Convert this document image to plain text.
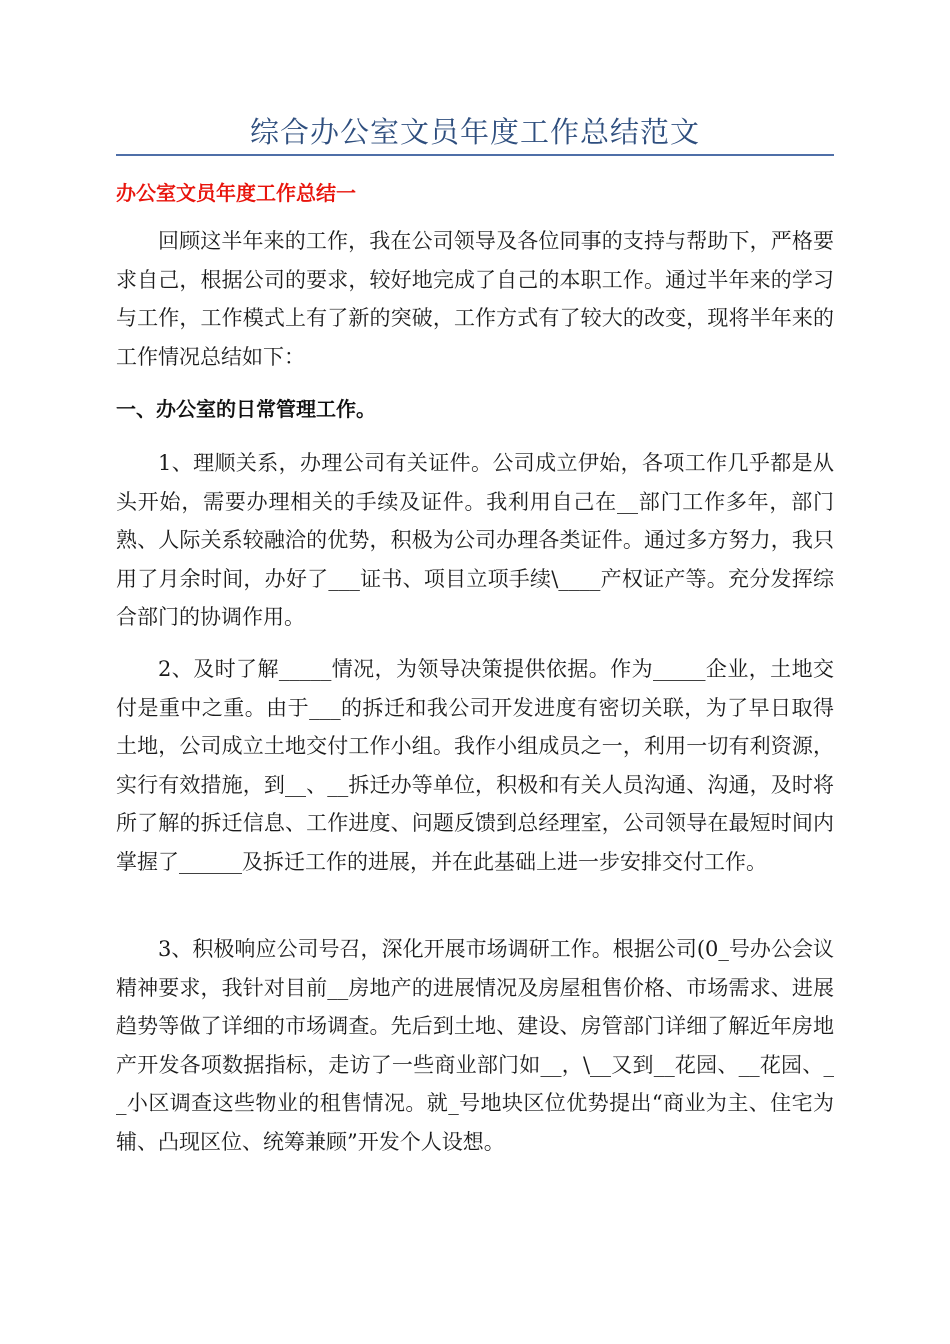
综合办公室文员年度工作总结范文
办公室文员年度工作总结一

回顾这半年来的工作，我在公司领导及各位同事的支持与帮助下，严格要求自己，根据公司的要求，较好地完成了自己的本职工作。通过半年来的学习与工作，工作模式上有了新的突破，工作方式有了较大的改变，现将半年来的工作情况总结如下：

一、办公室的日常管理工作。

1、理顺关系，办理公司有关证件。公司成立伊始，各项工作几乎都是从头开始，需要办理相关的手续及证件。我利用自己在__部门工作多年，部门熟、人际关系较融洽的优势，积极为公司办理各类证件。通过多方努力，我只用了月余时间，办好了___证书、项目立项手续\____产权证产等。充分发挥综合部门的协调作用。

2、及时了解_____情况，为领导决策提供依据。作为_____企业，土地交付是重中之重。由于___的拆迁和我公司开发进度有密切关联，为了早日取得土地，公司成立土地交付工作小组。我作小组成员之一，利用一切有利资源，实行有效措施，到__、__拆迁办等单位，积极和有关人员沟通、沟通，及时将所了解的拆迁信息、工作进度、问题反馈到总经理室，公司领导在最短时间内掌握了______及拆迁工作的进展，并在此基础上进一步安排交付工作。

3、积极响应公司号召，深化开展市场调研工作。根据公司(0_号办公会议精神要求，我针对目前__房地产的进展情况及房屋租售价格、市场需求、进展趋势等做了详细的市场调查。先后到土地、建设、房管部门详细了解近年房地产开发各项数据指标，走访了一些商业部门如__，\__又到__花园、__花园、__小区调查这些物业的租售情况。就_号地块区位优势提出“商业为主、住宅为辅、凸现区位、统筹兼顾”开发个人设想。
